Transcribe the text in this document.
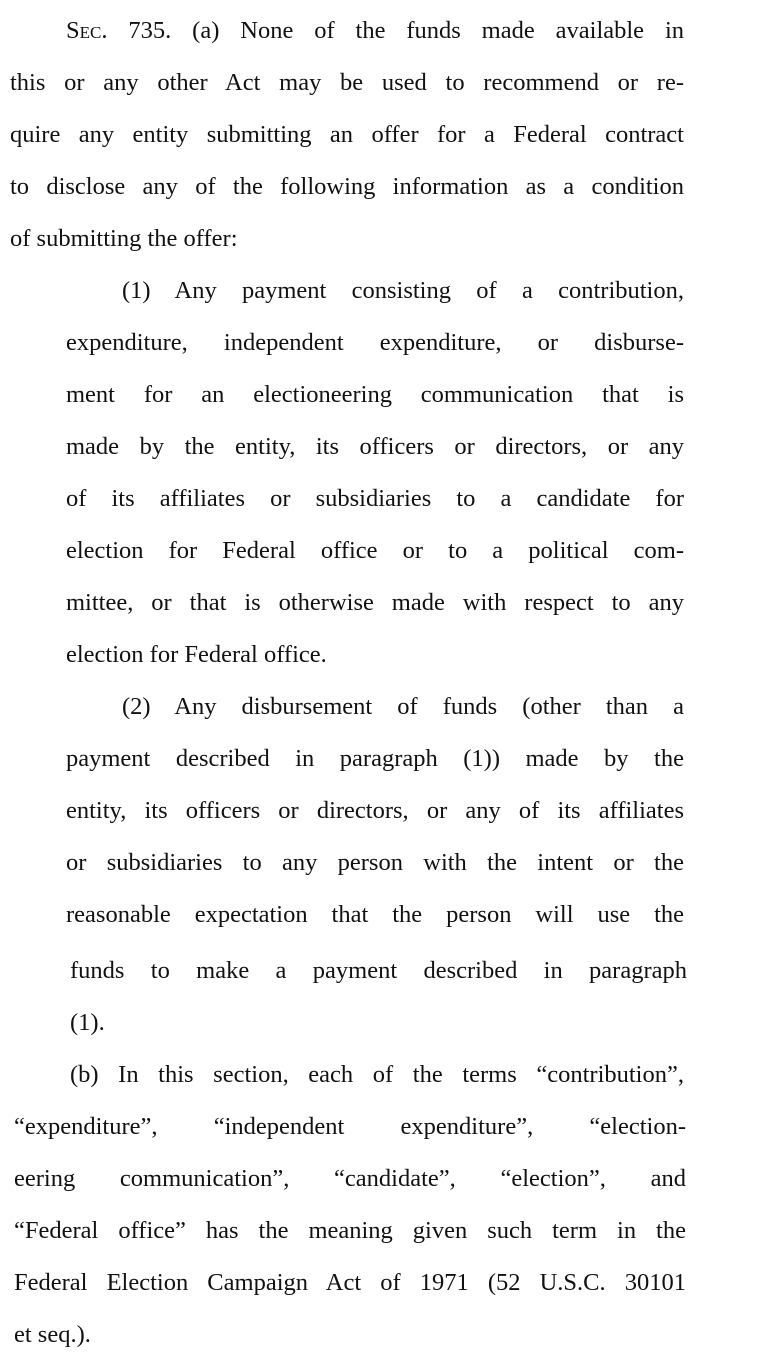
Sec. 735. (a) None of the funds made available in
this or any other Act may be used to recommend or re-
quire any entity submitting an offer for a Federal contract
to disclose any of the following information as a condition
of submitting the offer:
(1) Any payment consisting of a contribution,
expenditure, independent expenditure, or disburse-
ment for an electioneering communication that is
made by the entity, its officers or directors, or any
of its affiliates or subsidiaries to a candidate for
election for Federal office or to a political com-
mittee, or that is otherwise made with respect to any
election for Federal office.
(2) Any disbursement of funds (other than a
payment described in paragraph (1)) made by the
entity, its officers or directors, or any of its affiliates
or subsidiaries to any person with the intent or the
reasonable expectation that the person will use the
funds to make a payment described in paragraph
(1).
(b) In this section, each of the terms “contribution”,
“expenditure”, “independent expenditure”, “election-
eering communication”, “candidate”, “election”, and
“Federal office” has the meaning given such term in the
Federal Election Campaign Act of 1971 (52 U.S.C. 30101
et seq.).
